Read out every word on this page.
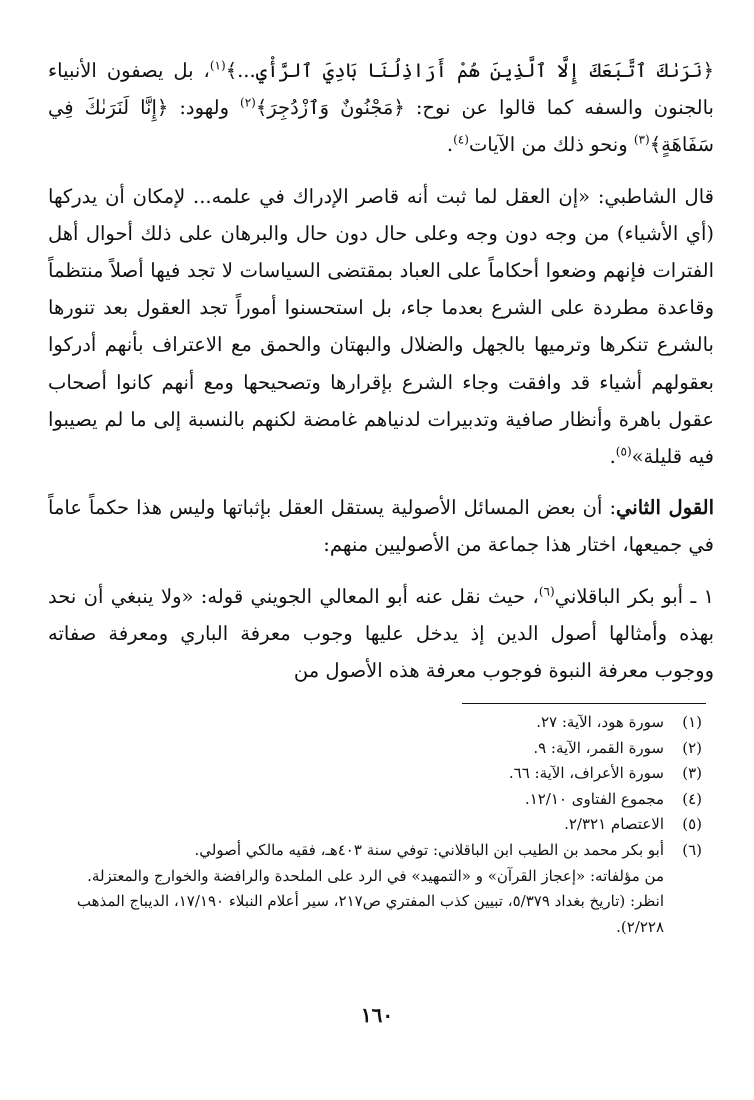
﴿نَرَىٰكَ ٱتَّبَعَكَ إِلَّا ٱلَّذِينَ هُمْ أَرَاذِلُنَا بَادِيَ ٱلرَّأْيِ...﴾$^{(١)}$، بل يصفون الأنبياء بالجنون والسفه كما قالوا عن نوح: ﴿مَجْنُونٌ وَٱزْدُجِرَ﴾$^{(٢)}$ ولهود: ﴿إِنَّا لَنَرَىٰكَ فِي سَفَاهَةٍ﴾$^{(٣)}$ ونحو ذلك من الآيات$^{(٤)}$.

قال الشاطبي: «إن العقل لما ثبت أنه قاصر الإدراك في علمه... لإمكان أن يدركها (أي الأشياء) من وجه دون وجه وعلى حال دون حال والبرهان على ذلك أحوال أهل الفترات فإنهم وضعوا أحكاماً على العباد بمقتضى السياسات لا تجد فيها أصلاً منتظماً وقاعدة مطردة على الشرع بعدما جاء، بل استحسنوا أموراً تجد العقول بعد تنورها بالشرع تنكرها وترميها بالجهل والضلال والبهتان والحمق مع الاعتراف بأنهم أدركوا بعقولهم أشياء قد وافقت وجاء الشرع بإقرارها وتصحيحها ومع أنهم كانوا أصحاب عقول باهرة وأنظار صافية وتدبيرات لدنياهم غامضة لكنهم بالنسبة إلى ما لم يصيبوا فيه قليلة»$^{(٥)}$.

القول الثاني: أن بعض المسائل الأصولية يستقل العقل بإثباتها وليس هذا حكماً عاماً في جميعها، اختار هذا جماعة من الأصوليين منهم:

١ ـ أبو بكر الباقلاني$^{(٦)}$، حيث نقل عنه أبو المعالي الجويني قوله: «ولا ينبغي أن نحد بهذه وأمثالها أصول الدين إذ يدخل عليها وجوب معرفة الباري ومعرفة صفاته ووجوب معرفة النبوة فوجوب معرفة هذه الأصول من

(١)

سورة هود، الآية: ٢٧.

(٢)

سورة القمر، الآية: ٩.

(٣)

سورة الأعراف، الآية: ٦٦.

(٤)

مجموع الفتاوى ١٢/١٠.

(٥)

الاعتصام ٢/٣٢١.

(٦)

أبو بكر محمد بن الطيب ابن الباقلاني: توفي سنة ٤٠٣هـ، فقيه مالكي أصولي.

من مؤلفاته: «إعجاز القرآن» و «التمهيد» في الرد على الملحدة والرافضة والخوارج والمعتزلة.

انظر: (تاريخ بغداد ٥/٣٧٩، تبيين كذب المفتري ص٢١٧، سير أعلام النبلاء ١٧/١٩٠، الديباج المذهب ٢/٢٢٨).

١٦٠
